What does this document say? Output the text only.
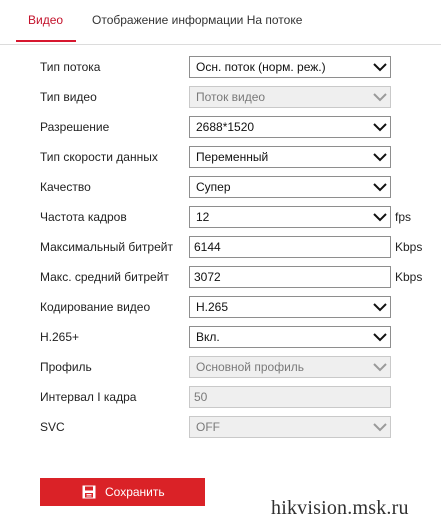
Видео Отображение информации На потоке
Тип потока	Осн. поток (норм. реж.)
Тип видео	Поток видео
Разрешение	2688*1520
Тип скорости данных	Переменный
Качество	Супер
Частота кадров	12	fps
Максимальный битрейт	6144	Kbps
Макс. средний битрейт	3072	Kbps
Кодирование видео	H.265
H.265+	Вкл.
Профиль	Основной профиль
Интервал I кадра	50
SVC	OFF
Сохранить
hikvision.msk.ru
